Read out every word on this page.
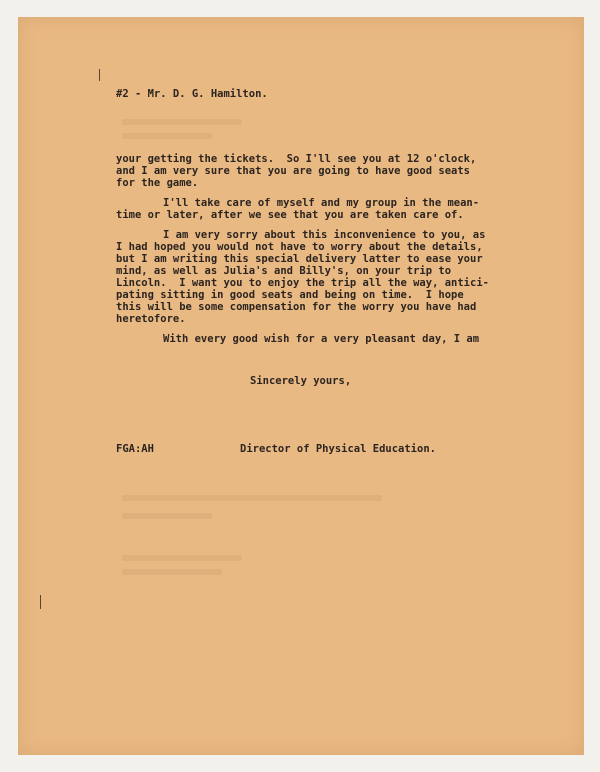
#2 - Mr. D. G. Hamilton.

your getting the tickets.  So I'll see you at 12 o'clock,

and I am very sure that you are going to have good seats

for the game.

I'll take care of myself and my group in the mean-

time or later, after we see that you are taken care of.

I am very sorry about this inconvenience to you, as

I had hoped you would not have to worry about the details,

but I am writing this special delivery latter to ease your

mind, as well as Julia's and Billy's, on your trip to

Lincoln.  I want you to enjoy the trip all the way, antici-

pating sitting in good seats and being on time.  I hope

this will be some compensation for the worry you have had

heretofore.

With every good wish for a very pleasant day, I am

Sincerely yours,

FGA:AH	Director of Physical Education.
